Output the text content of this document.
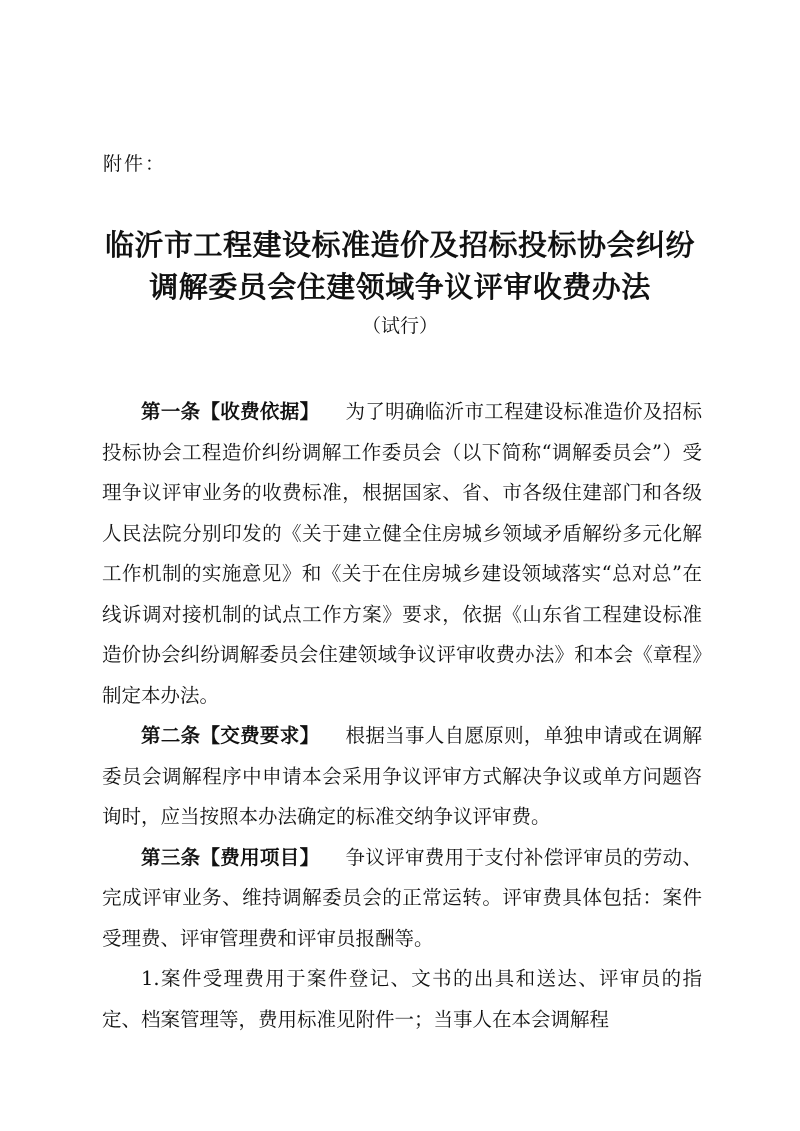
附件：

临沂市工程建设标准造价及招标投标协会纠纷
调解委员会住建领域争议评审收费办法

（试行）

第一条【收费依据】 为了明确临沂市工程建设标准造价及招标投标协会工程造价纠纷调解工作委员会（以下简称“调解委员会”）受理争议评审业务的收费标准，根据国家、省、市各级住建部门和各级人民法院分别印发的《关于建立健全住房城乡领域矛盾解纷多元化解工作机制的实施意见》和《关于在住房城乡建设领域落实“总对总”在线诉调对接机制的试点工作方案》要求，依据《山东省工程建设标准造价协会纠纷调解委员会住建领域争议评审收费办法》和本会《章程》制定本办法。

第二条【交费要求】 根据当事人自愿原则，单独申请或在调解委员会调解程序中申请本会采用争议评审方式解决争议或单方问题咨询时，应当按照本办法确定的标准交纳争议评审费。

第三条【费用项目】 争议评审费用于支付补偿评审员的劳动、完成评审业务、维持调解委员会的正常运转。评审费具体包括：案件受理费、评审管理费和评审员报酬等。

1.案件受理费用于案件登记、文书的出具和送达、评审员的指定、档案管理等，费用标准见附件一；当事人在本会调解程
